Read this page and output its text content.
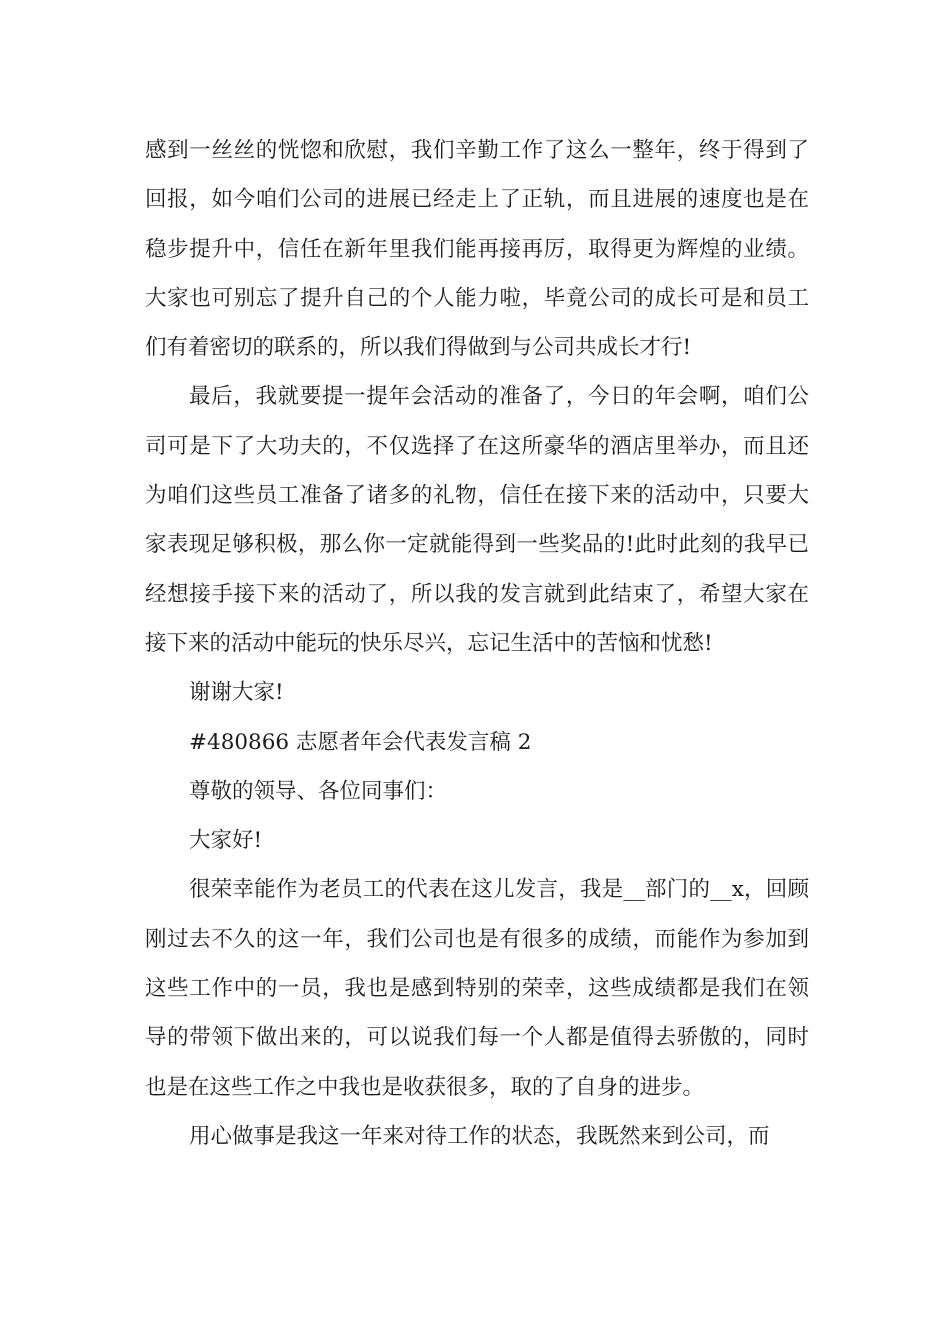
感到一丝丝的恍惚和欣慰，我们辛勤工作了这么一整年，终于得到了回报，如今咱们公司的进展已经走上了正轨，而且进展的速度也是在稳步提升中，信任在新年里我们能再接再厉，取得更为辉煌的业绩。大家也可别忘了提升自己的个人能力啦，毕竟公司的成长可是和员工们有着密切的联系的，所以我们得做到与公司共成长才行!

最后，我就要提一提年会活动的准备了，今日的年会啊，咱们公司可是下了大功夫的，不仅选择了在这所豪华的酒店里举办，而且还为咱们这些员工准备了诸多的礼物，信任在接下来的活动中，只要大家表现足够积极，那么你一定就能得到一些奖品的!此时此刻的我早已经想接手接下来的活动了，所以我的发言就到此结束了，希望大家在接下来的活动中能玩的快乐尽兴，忘记生活中的苦恼和忧愁!

谢谢大家!

#480866 志愿者年会代表发言稿 2

尊敬的领导、各位同事们：

大家好!

很荣幸能作为老员工的代表在这儿发言，我是__部门的__x，回顾刚过去不久的这一年，我们公司也是有很多的成绩，而能作为参加到这些工作中的一员，我也是感到特别的荣幸，这些成绩都是我们在领导的带领下做出来的，可以说我们每一个人都是值得去骄傲的，同时也是在这些工作之中我也是收获很多，取的了自身的进步。

用心做事是我这一年来对待工作的状态，我既然来到公司，而
